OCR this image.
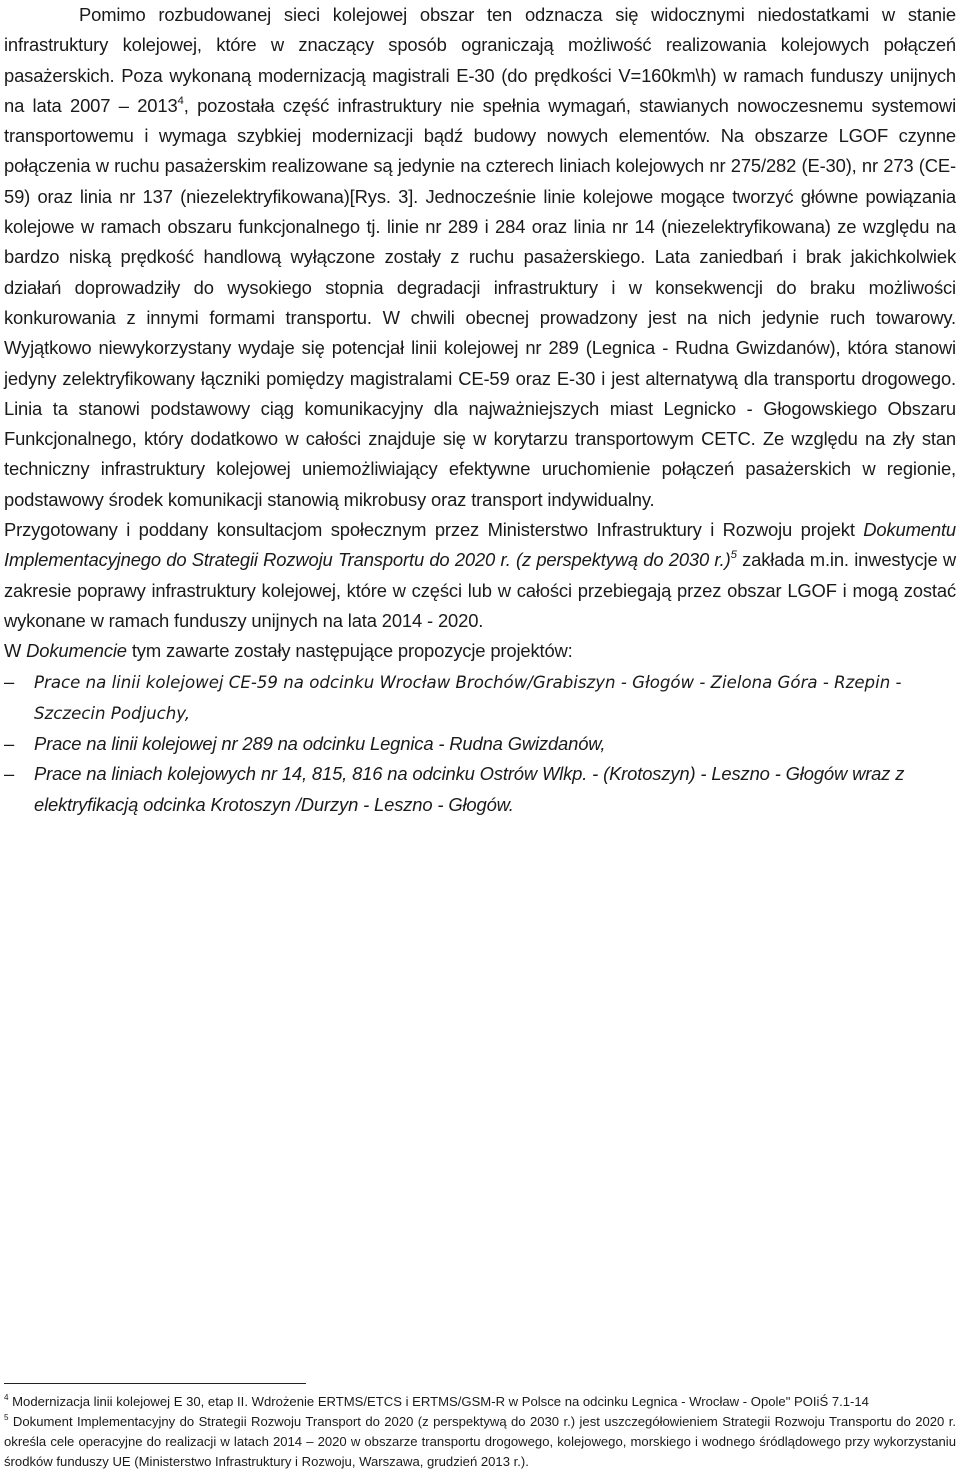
Pomimo rozbudowanej sieci kolejowej obszar ten odznacza się widocznymi niedostatkami w stanie infrastruktury kolejowej, które w znaczący sposób ograniczają możliwość realizowania kolejowych połączeń pasażerskich. Poza wykonaną modernizacją magistrali E-30 (do prędkości V=160km\h) w ramach funduszy unijnych na lata 2007 – 2013$^4$, pozostała część infrastruktury nie spełnia wymagań, stawianych nowoczesnemu systemowi transportowemu i wymaga szybkiej modernizacji bądź budowy nowych elementów. Na obszarze LGOF czynne połączenia w ruchu pasażerskim realizowane są jedynie na czterech liniach kolejowych nr 275/282 (E-30), nr 273 (CE-59) oraz linia nr 137 (niezelektryfikowana)[Rys. 3]. Jednocześnie linie kolejowe mogące tworzyć główne powiązania kolejowe w ramach obszaru funkcjonalnego tj. linie nr 289 i 284 oraz linia nr 14 (niezelektryfikowana) ze względu na bardzo niską prędkość handlową wyłączone zostały z ruchu pasażerskiego. Lata zaniedbań i brak jakichkolwiek działań doprowadziły do wysokiego stopnia degradacji infrastruktury i w konsekwencji do braku możliwości konkurowania z innymi formami transportu. W chwili obecnej prowadzony jest na nich jedynie ruch towarowy. Wyjątkowo niewykorzystany wydaje się potencjał linii kolejowej nr 289 (Legnica - Rudna Gwizdanów), która stanowi jedyny zelektryfikowany łączniki pomiędzy magistralami CE-59 oraz E-30 i jest alternatywą dla transportu drogowego. Linia ta stanowi podstawowy ciąg komunikacyjny dla najważniejszych miast Legnicko - Głogowskiego Obszaru Funkcjonalnego, który dodatkowo w całości znajduje się w korytarzu transportowym CETC. Ze względu na zły stan techniczny infrastruktury kolejowej uniemożliwiający efektywne uruchomienie połączeń pasażerskich w regionie, podstawowy środek komunikacji stanowią mikrobusy oraz transport indywidualny.

Przygotowany i poddany konsultacjom społecznym przez Ministerstwo Infrastruktury i Rozwoju projekt Dokumentu Implementacyjnego do Strategii Rozwoju Transportu do 2020 r. (z perspektywą do 2030 r.)$^5$ zakłada m.in. inwestycje w zakresie poprawy infrastruktury kolejowej, które w części lub w całości przebiegają przez obszar LGOF i mogą zostać wykonane w ramach funduszy unijnych na lata 2014 - 2020.

W Dokumencie tym zawarte zostały następujące propozycje projektów:

– Prace na linii kolejowej CE-59 na odcinku Wrocław Brochów/Grabiszyn - Głogów - Zielona Góra - Rzepin - Szczecin Podjuchy,
– Prace na linii kolejowej nr 289 na odcinku Legnica - Rudna Gwizdanów,
– Prace na liniach kolejowych nr 14, 815, 816 na odcinku Ostrów Wlkp. - (Krotoszyn) - Leszno - Głogów wraz z elektryfikacją odcinka Krotoszyn /Durzyn - Leszno - Głogów.

$^4$ Modernizacja linii kolejowej E 30, etap II. Wdrożenie ERTMS/ETCS i ERTMS/GSM-R w Polsce na odcinku Legnica - Wrocław - Opole" POIiŚ 7.1-14

$^5$ Dokument Implementacyjny do Strategii Rozwoju Transport do 2020 (z perspektywą do 2030 r.) jest uszczegółowieniem Strategii Rozwoju Transportu do 2020 r. określa cele operacyjne do realizacji w latach 2014 – 2020 w obszarze transportu drogowego, kolejowego, morskiego i wodnego śródlądowego przy wykorzystaniu środków funduszy UE (Ministerstwo Infrastruktury i Rozwoju, Warszawa, grudzień 2013 r.).
